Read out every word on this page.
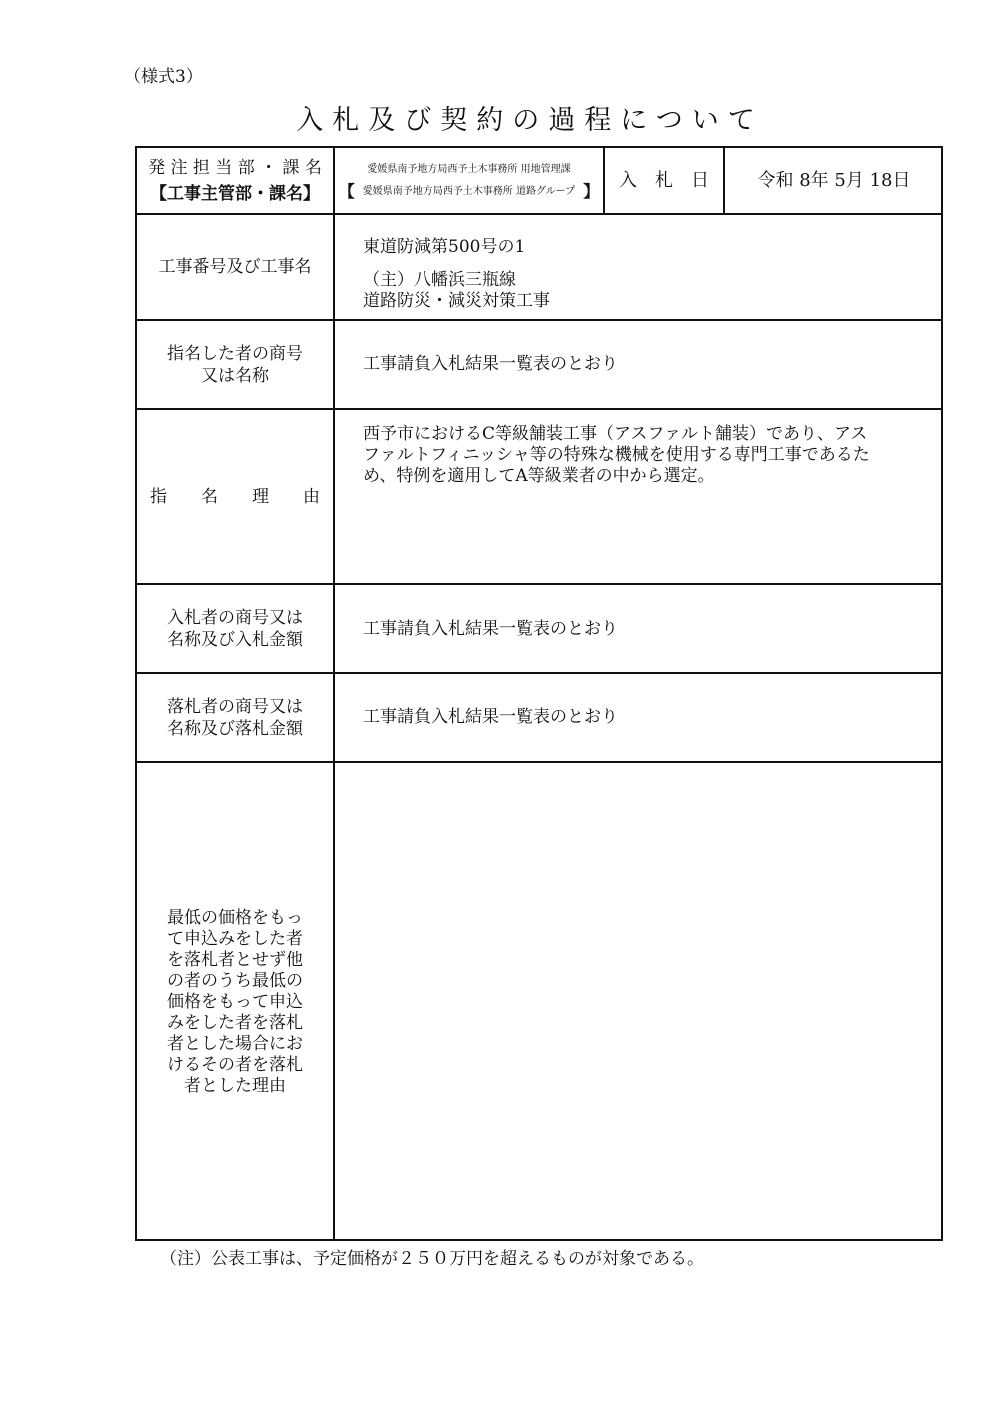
（様式3）
入札及び契約の過程について
発 注 担 当 部 ・ 課 名
【工事主管部・課名】
愛媛県南予地方局西予土木事務所 用地管理課
【 愛媛県南予地方局西予土木事務所 道路グループ 】
入　札　日	令和 8年 5月 18日
工事番号及び工事名
東道防減第500号の1
（主）八幡浜三瓶線
道路防災・減災対策工事
指名した者の商号
又は名称
工事請負入札結果一覧表のとおり
指　　名　　理　　由
西予市におけるC等級舗装工事（アスファルト舗装）であり、アス
ファルトフィニッシャ等の特殊な機械を使用する専門工事であるた
め、特例を適用してA等級業者の中から選定。
入札者の商号又は
名称及び入札金額
工事請負入札結果一覧表のとおり
落札者の商号又は
名称及び落札金額
工事請負入札結果一覧表のとおり
最低の価格をもっ
て申込みをした者
を落札者とせず他
の者のうち最低の
価格をもって申込
みをした者を落札
者とした場合にお
けるその者を落札
者とした理由
（注）公表工事は、予定価格が２５０万円を超えるものが対象である。
